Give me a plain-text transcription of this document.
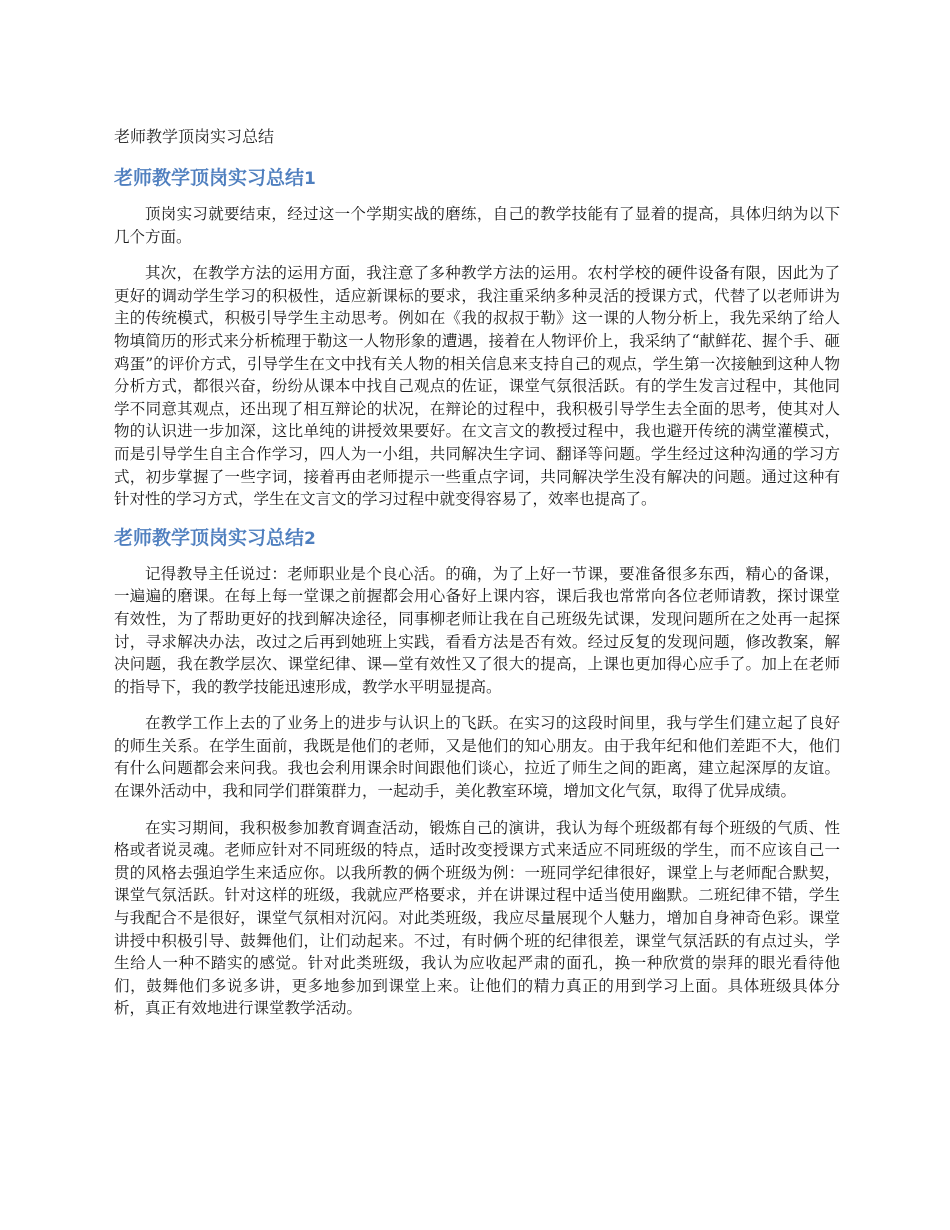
老师教学顶岗实习总结

老师教学顶岗实习总结1

顶岗实习就要结束，经过这一个学期实战的磨练，自己的教学技能有了显着的提高，具体归纳为以下几个方面。

其次，在教学方法的运用方面，我注意了多种教学方法的运用。农村学校的硬件设备有限，因此为了更好的调动学生学习的积极性，适应新课标的要求，我注重采纳多种灵活的授课方式，代替了以老师讲为主的传统模式，积极引导学生主动思考。例如在《我的叔叔于勒》这一课的人物分析上，我先采纳了给人物填简历的形式来分析梳理于勒这一人物形象的遭遇，接着在人物评价上，我采纳了“献鲜花、握个手、砸鸡蛋”的评价方式，引导学生在文中找有关人物的相关信息来支持自己的观点，学生第一次接触到这种人物分析方式，都很兴奋，纷纷从课本中找自己观点的佐证，课堂气氛很活跃。有的学生发言过程中，其他同学不同意其观点，还出现了相互辩论的状况，在辩论的过程中，我积极引导学生去全面的思考，使其对人物的认识进一步加深，这比单纯的讲授效果要好。在文言文的教授过程中，我也避开传统的满堂灌模式，而是引导学生自主合作学习，四人为一小组，共同解决生字词、翻译等问题。学生经过这种沟通的学习方式，初步掌握了一些字词，接着再由老师提示一些重点字词，共同解决学生没有解决的问题。通过这种有针对性的学习方式，学生在文言文的学习过程中就变得容易了，效率也提高了。

老师教学顶岗实习总结2

记得教导主任说过：老师职业是个良心活。的确，为了上好一节课，要准备很多东西，精心的备课，一遍遍的磨课。在每上每一堂课之前握都会用心备好上课内容，课后我也常常向各位老师请教，探讨课堂有效性，为了帮助更好的找到解决途径，同事柳老师让我在自己班级先试课，发现问题所在之处再一起探讨，寻求解决办法，改过之后再到她班上实践，看看方法是否有效。经过反复的发现问题，修改教案，解决问题，我在教学层次、课堂纪律、课—堂有效性又了很大的提高，上课也更加得心应手了。加上在老师的指导下，我的教学技能迅速形成，教学水平明显提高。

在教学工作上去的了业务上的进步与认识上的飞跃。在实习的这段时间里，我与学生们建立起了良好的师生关系。在学生面前，我既是他们的老师，又是他们的知心朋友。由于我年纪和他们差距不大，他们有什么问题都会来问我。我也会利用课余时间跟他们谈心，拉近了师生之间的距离，建立起深厚的友谊。在课外活动中，我和同学们群策群力，一起动手，美化教室环境，增加文化气氛，取得了优异成绩。

在实习期间，我积极参加教育调查活动，锻炼自己的演讲，我认为每个班级都有每个班级的气质、性格或者说灵魂。老师应针对不同班级的特点，适时改变授课方式来适应不同班级的学生，而不应该自己一贯的风格去强迫学生来适应你。以我所教的俩个班级为例：一班同学纪律很好，课堂上与老师配合默契，课堂气氛活跃。针对这样的班级，我就应严格要求，并在讲课过程中适当使用幽默。二班纪律不错，学生与我配合不是很好，课堂气氛相对沉闷。对此类班级，我应尽量展现个人魅力，增加自身神奇色彩。课堂讲授中积极引导、鼓舞他们，让们动起来。不过，有时俩个班的纪律很差，课堂气氛活跃的有点过头，学生给人一种不踏实的感觉。针对此类班级，我认为应收起严肃的面孔，换一种欣赏的崇拜的眼光看待他们，鼓舞他们多说多讲，更多地参加到课堂上来。让他们的精力真正的用到学习上面。具体班级具体分析，真正有效地进行课堂教学活动。
